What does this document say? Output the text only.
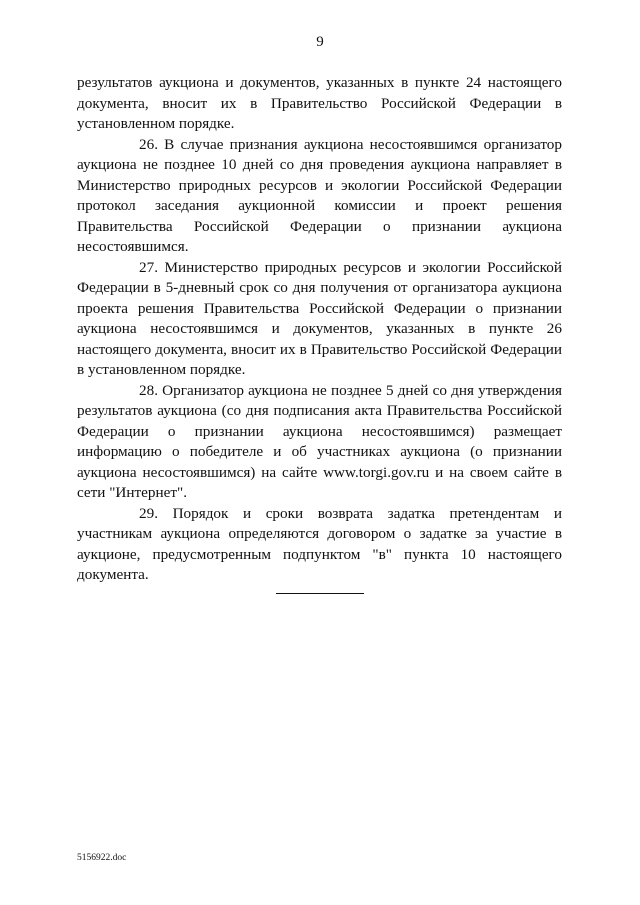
9

результатов аукциона и документов, указанных в пункте 24 настоящего документа, вносит их в Правительство Российской Федерации в установленном порядке.

26. В случае признания аукциона несостоявшимся организатор аукциона не позднее 10 дней со дня проведения аукциона направляет в Министерство природных ресурсов и экологии Российской Федерации протокол заседания аукционной комиссии и проект решения Правительства Российской Федерации о признании аукциона несостоявшимся.

27. Министерство природных ресурсов и экологии Российской Федерации в 5-дневный срок со дня получения от организатора аукциона проекта решения Правительства Российской Федерации о признании аукциона несостоявшимся и документов, указанных в пункте 26 настоящего документа, вносит их в Правительство Российской Федерации в установленном порядке.

28. Организатор аукциона не позднее 5 дней со дня утверждения результатов аукциона (со дня подписания акта Правительства Российской Федерации о признании аукциона несостоявшимся) размещает информацию о победителе и об участниках аукциона (о признании аукциона несостоявшимся) на сайте www.torgi.gov.ru и на своем сайте в сети "Интернет".

29. Порядок и сроки возврата задатка претендентам и участникам аукциона определяются договором о задатке за участие в аукционе, предусмотренным подпунктом "в" пункта 10 настоящего документа.

5156922.doc
